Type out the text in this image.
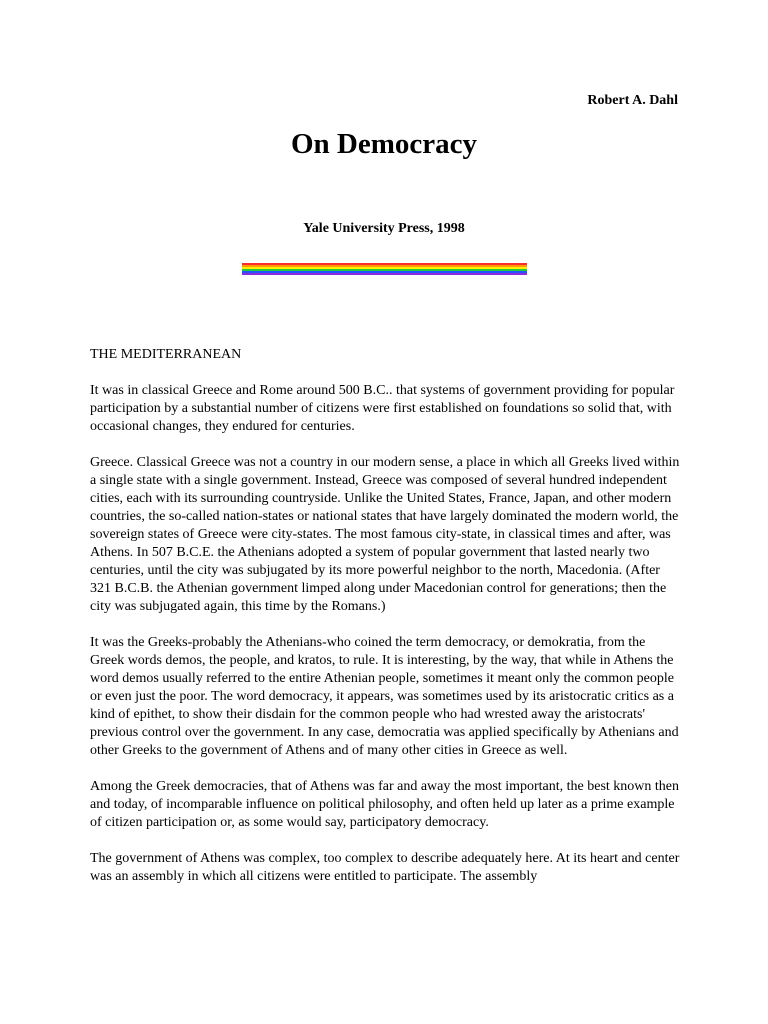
Robert A. Dahl
On Democracy
Yale University Press, 1998
THE MEDITERRANEAN

It was in classical Greece and Rome around 500 B.C.. that systems of government providing for popular participation by a substantial number of citizens were first established on foundations so solid that, with occasional changes, they endured for centuries.

Greece. Classical Greece was not a country in our modern sense, a place in which all Greeks lived within a single state with a single government. Instead, Greece was composed of several hundred independent cities, each with its surrounding countryside. Unlike the United States, France, Japan, and other modern countries, the so-called nation-states or national states that have largely dominated the modern world, the sovereign states of Greece were city-states. The most famous city-state, in classical times and after, was Athens. In 507 B.C.E. the Athenians adopted a system of popular government that lasted nearly two centuries, until the city was subjugated by its more powerful neighbor to the north, Macedonia. (After 321 B.C.B. the Athenian government limped along under Macedonian control for generations; then the city was subjugated again, this time by the Romans.)

It was the Greeks-probably the Athenians-who coined the term democracy, or demokratia, from the Greek words demos, the people, and kratos, to rule. It is interesting, by the way, that while in Athens the word demos usually referred to the entire Athenian people, sometimes it meant only the common people or even just the poor. The word democracy, it appears, was sometimes used by its aristocratic critics as a kind of epithet, to show their disdain for the common people who had wrested away the aristocrats' previous control over the government. In any case, democratia was applied specifically by Athenians and other Greeks to the government of Athens and of many other cities in Greece as well.

Among the Greek democracies, that of Athens was far and away the most important, the best known then and today, of incomparable influence on political philosophy, and often held up later as a prime example of citizen participation or, as some would say, participatory democracy.

The government of Athens was complex, too complex to describe adequately here. At its heart and center was an assembly in which all citizens were entitled to participate. The assembly
